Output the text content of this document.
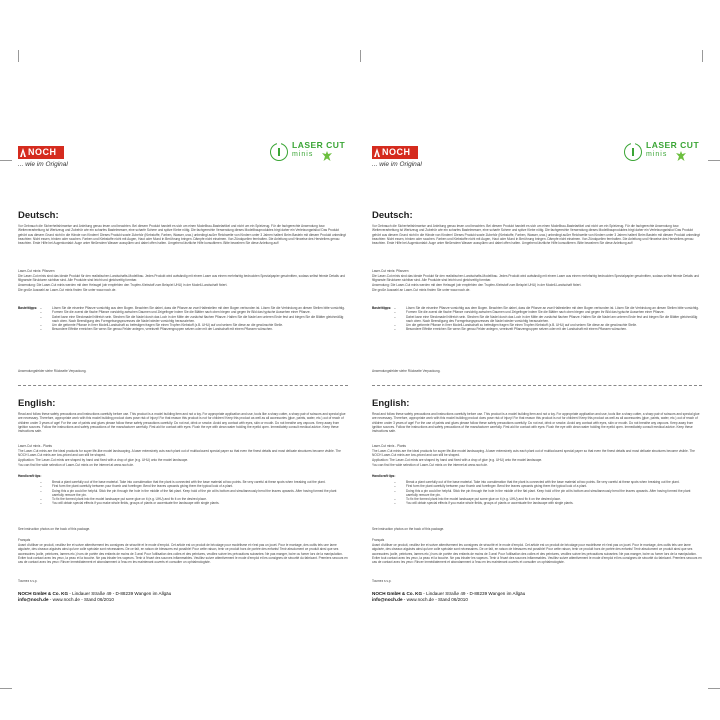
NOCH
... wie im Original
LASER CUT
minis
Deutsch:
Vor Gebrauch die Sicherheitshinweise und Anleitung genau lesen und beachten. Bei diesem Produkt handelt es sich um einen Modellbau-Bastelartikel und nicht um ein Spielzeug. Für die fachgerechte Anwendung bzw. Weiterverarbeitung ist Werkzeug und Zubehör wie ein scharfes Bastelmesser, eine scharfe Schere und spitze Klebe nötig. Die fachgerechte Verwendung dieses Modellbauproduktes birgt daher ein Verletzungsrisiko! Das Produkt gehört aus diesem Grund nicht in die Hände von Kindern! Dieses Produkt sowie Zubehör (Klebstoffe, Farben, Wasser, usw.) unbedingt außer Reichweite von Kindern unter 3 Jahren halten! Beim Basteln mit diesem Produkt unbedingt beachten: Nicht essen, trinken oder rauchen. Farben und Klebstoffe nicht mit Augen, Haut oder Mund in Berührung bringen. Dämpfe nicht einatmen. Von Zündquellen fernhalten. Die Anleitung und Hinweise des Herstellers genau beachten. Erste Hilfe bei Augenkontakt: Auge unter fließendem Wasser ausspülen und dabei offen halten. Umgehend ärztliche Hilfe konsultieren. Bitte bewahren Sie diese Anleitung auf!
Laser-Cut minis: Pflanzen
Die Laser-Cut minis sind das ideale Produkt für den realistischen Landschafts-Modellbau. Jedes Produkt wird aufwändig mit einem Laser aus einem mehrfarbig bedruckten Spezialpapier geschnitten, sodass selbst feinste Details und filigranste Strukturen sichtbar sind. Alle Produkte sind leicht und gleichzeitig formbar.
Anwendung: Die Laser-Cut minis werden mit dem Heissgel (wir empfehlen den Tropfen-Klebstoff zum Beispiel UHU) in der Modell-Landschaft fixiert.
Die große Auswahl an Laser-Cut minis finden Sie unter www.noch.de.
Bastelttipps:	– Lösen Sie die einzelne Pflanze vorsichtig aus dem Bogen. Beachten Sie dabei, dass die Pflanze an zwei Haltestellen mit dem Bogen verbunden ist. Lösen Sie die Verbindung an diesen Stellen bitte vorsichtig.
– Formen Sie die zuerst die flache Pflanze vorsichtig zwischen Daumen und Zeigefinger indem Sie die Blätter nach oben biegen und gegen ihr Bild das typische Aussehen einer Pflanze.
– Dabei kann eine Steckmadel hilfreich sein. Stechen Sie die Nadel durch das Loch in der Mitte der zunächst flachen Pflanze. Halten Sie die Nadel am unteren Ende fest und biegen Sie die Blätter gleichmäßig nach oben. Nach Beendigung des Formgebungsprozesses die Nadel wieder vorsichtig herausziehen.
– Um die geformte Pflanze in Ihrer Modell-Landschaft zu befestigen fragen Sie einen Tropfen Klebstoff (z.B. UHU) auf und setzen Sie diese an die gewünschte Stelle.
– Besondere Effekte erreichen Sie wenn Sie genau Felder anlegen, vereinzelt Pflanzengruppen setzen oder mit der Landschaft mit einem Pflanzen wünschen.
Anwendungsfelder siehe Rückseite Verpackung.
English:
Read and follow these safety precautions and instructions carefully before use. This product is a model building item and not a toy. For appropriate application and use, tools like a sharp cutter, a sharp pair of scissors and special glue are necessary. Therefore, appropriate work with this model building product does pose risk of injury! For that reason this product is not for children! Keep this product as well as all accessories (glue, paints, water, etc.) out of reach of children under 3 years of age! For the use of paints and glues please follow these safety precautions carefully: Do not eat, drink or smoke. Avoid any contact with eyes, skin or mouth. Do not breathe any vapours. Keep away from ignition sources. Follow the instructions and safety precautions of the manufacturer carefully. First aid for contact with eyes: Flush the eye with clean water holding the eyelid open. Immediately consult medical advice. Keep these instructions safe.
Laser-Cut minis - Plants
The Laser-Cut minis are the ideal products for super life-like model landscaping. A laser extensively cuts each plant out of multicoloured special paper so that even the finest details and most delicate structures become visible. The NOCH Laser-Cut minis are low-priced and can still be shaped.
Application: The Laser-Cut minis are shaped by hand and fixed with a drop of glue (e.g. UHU) onto the model landscape.
You can find the wide selection of Laser-Cut minis on the internet at www.noch.de.
Handicraft tips:
– Break a plant carefully out of the base material. Take into consideration that the plant is connected with the base material at two points. Be very careful at these spots when breaking out the plant.
– First form the plant carefully between your thumb and forefinger. Bend the leaves upwards giving them the typical look of a plant.
– Doing this a pin could be helpful. Stick the pin through the hole in the middle of the flat plant. Keep hold of the pin at its bottom and simultaneously bend the leaves upwards. After having formed the plant carefully remove the pin.
– To fix the formed plant into the model landscape put some glue on it (e.g. UHU) and fix it on the desired place.
– You will obtain special effects if you make whole fields, groups of plants or accentuate the landscape with single plants.
See instruction photos on the back of this package.
Français
Avant d'utiliser ce produit, veuillez lire et suivre attentivement les consignes de sécurité et le mode d'emploi. Cet article est un produit de bricolage pour modélisme et n'est pas un jouet. Pour le montage, des outils tels une lame aiguisée, des ciseaux aiguisés ainsi qu'une colle spéciale sont nécessaires. De ce fait, en raison de blessures est possible! Pour cette raison, tenir ce produit hors de portée des enfants! Tenir absolument ce produit ainsi que ses accessoires (colle, peintures, larmes etc.) hors de portée des enfants de moins de 3 ans! Pour l'utilisation des colles et des peintures, veuillez suivre les précautions suivantes: Ne pas manger, boire ou fumer lors de la manipulation. Eviter tout contact avec les yeux, la peau et la bouche. Ne pas inhaler les vapeurs. Tenir à l'écart des sources inflammables. Veuillez suivre attentivement le mode d'emploi et les consignes de sécurité du fabricant. Premiers secours en cas de contact avec les yeux: Rincer immédiatement et abondamment à l'eau en les maintenant ouverts et consulter un ophtalmologiste.
Toumez s.v.p.
NOCH GmbH & Co. KG - Lindauer Straße 49 - D-88239 Wangen im Allgäu
info@noch.de - www.noch.de - Stand 06/2010
NOCH
... wie im Original
LASER CUT
minis
Deutsch:
Vor Gebrauch die Sicherheitshinweise und Anleitung genau lesen und beachten. Bei diesem Produkt handelt es sich um einen Modellbau-Bastelartikel und nicht um ein Spielzeug. Für die fachgerechte Anwendung bzw. Weiterverarbeitung ist Werkzeug und Zubehör wie ein scharfes Bastelmesser, eine scharfe Schere und spitze Klebe nötig. Die fachgerechte Verwendung dieses Modellbauproduktes birgt daher ein Verletzungsrisiko! Das Produkt gehört aus diesem Grund nicht in die Hände von Kindern! Dieses Produkt sowie Zubehör (Klebstoffe, Farben, Wasser, usw.) unbedingt außer Reichweite von Kindern unter 3 Jahren halten! Beim Basteln mit diesem Produkt unbedingt beachten: Nicht essen, trinken oder rauchen. Farben und Klebstoffe nicht mit Augen, Haut oder Mund in Berührung bringen. Dämpfe nicht einatmen. Von Zündquellen fernhalten. Die Anleitung und Hinweise des Herstellers genau beachten. Erste Hilfe bei Augenkontakt: Auge unter fließendem Wasser ausspülen und dabei offen halten. Umgehend ärztliche Hilfe konsultieren. Bitte bewahren Sie diese Anleitung auf!
Laser-Cut minis: Pflanzen
Die Laser-Cut minis sind das ideale Produkt für den realistischen Landschafts-Modellbau. Jedes Produkt wird aufwändig mit einem Laser aus einem mehrfarbig bedruckten Spezialpapier geschnitten, sodass selbst feinste Details und filigranste Strukturen sichtbar sind. Alle Produkte sind leicht und gleichzeitig formbar.
Anwendung: Die Laser-Cut minis werden mit dem Heissgel (wir empfehlen den Tropfen-Klebstoff zum Beispiel UHU) in der Modell-Landschaft fixiert.
Die große Auswahl an Laser-Cut minis finden Sie unter www.noch.de.
Bastelttipps:	– Lösen Sie die einzelne Pflanze vorsichtig aus dem Bogen. Beachten Sie dabei, dass die Pflanze an zwei Haltestellen mit dem Bogen verbunden ist. Lösen Sie die Verbindung an diesen Stellen bitte vorsichtig.
– Formen Sie die zuerst die flache Pflanze vorsichtig zwischen Daumen und Zeigefinger indem Sie die Blätter nach oben biegen und gegen ihr Bild das typische Aussehen einer Pflanze.
– Dabei kann eine Steckmadel hilfreich sein. Stechen Sie die Nadel durch das Loch in der Mitte der zunächst flachen Pflanze. Halten Sie die Nadel am unteren Ende fest und biegen Sie die Blätter gleichmäßig nach oben. Nach Beendigung des Formgebungsprozesses die Nadel wieder vorsichtig herausziehen.
– Um die geformte Pflanze in Ihrer Modell-Landschaft zu befestigen fragen Sie einen Tropfen Klebstoff (z.B. UHU) auf und setzen Sie diese an die gewünschte Stelle.
– Besondere Effekte erreichen Sie wenn Sie genau Felder anlegen, vereinzelt Pflanzengruppen setzen oder mit der Landschaft mit einem Pflanzen wünschen.
Anwendungsfelder siehe Rückseite Verpackung.
English:
Read and follow these safety precautions and instructions carefully before use. This product is a model building item and not a toy. For appropriate application and use, tools like a sharp cutter, a sharp pair of scissors and special glue are necessary. Therefore, appropriate work with this model building product does pose risk of injury! For that reason this product is not for children! Keep this product as well as all accessories (glue, paints, water, etc.) out of reach of children under 3 years of age! For the use of paints and glues please follow these safety precautions carefully: Do not eat, drink or smoke. Avoid any contact with eyes, skin or mouth. Do not breathe any vapours. Keep away from ignition sources. Follow the instructions and safety precautions of the manufacturer carefully. First aid for contact with eyes: Flush the eye with clean water holding the eyelid open. Immediately consult medical advice. Keep these instructions safe.
Laser-Cut minis - Plants
The Laser-Cut minis are the ideal products for super life-like model landscaping. A laser extensively cuts each plant out of multicoloured special paper so that even the finest details and most delicate structures become visible. The NOCH Laser-Cut minis are low-priced and can still be shaped.
Application: The Laser-Cut minis are shaped by hand and fixed with a drop of glue (e.g. UHU) onto the model landscape.
You can find the wide selection of Laser-Cut minis on the internet at www.noch.de.
Handicraft tips:
– Break a plant carefully out of the base material. Take into consideration that the plant is connected with the base material at two points. Be very careful at these spots when breaking out the plant.
– First form the plant carefully between your thumb and forefinger. Bend the leaves upwards giving them the typical look of a plant.
– Doing this a pin could be helpful. Stick the pin through the hole in the middle of the flat plant. Keep hold of the pin at its bottom and simultaneously bend the leaves upwards. After having formed the plant carefully remove the pin.
– To fix the formed plant into the model landscape put some glue on it (e.g. UHU) and fix it on the desired place.
– You will obtain special effects if you make whole fields, groups of plants or accentuate the landscape with single plants.
See instruction photos on the back of this package.
Français
Avant d'utiliser ce produit, veuillez lire et suivre attentivement les consignes de sécurité et le mode d'emploi. Cet article est un produit de bricolage pour modélisme et n'est pas un jouet. Pour le montage, des outils tels une lame aiguisée, des ciseaux aiguisés ainsi qu'une colle spéciale sont nécessaires. De ce fait, en raison de blessures est possible! Pour cette raison, tenir ce produit hors de portée des enfants! Tenir absolument ce produit ainsi que ses accessoires (colle, peintures, larmes etc.) hors de portée des enfants de moins de 3 ans! Pour l'utilisation des colles et des peintures, veuillez suivre les précautions suivantes: Ne pas manger, boire ou fumer lors de la manipulation. Eviter tout contact avec les yeux, la peau et la bouche. Ne pas inhaler les vapeurs. Tenir à l'écart des sources inflammables. Veuillez suivre attentivement le mode d'emploi et les consignes de sécurité du fabricant. Premiers secours en cas de contact avec les yeux: Rincer immédiatement et abondamment à l'eau en les maintenant ouverts et consulter un ophtalmologiste.
Toumez s.v.p.
NOCH GmbH & Co. KG - Lindauer Straße 49 - D-88239 Wangen im Allgäu
info@noch.de - www.noch.de - Stand 06/2010
